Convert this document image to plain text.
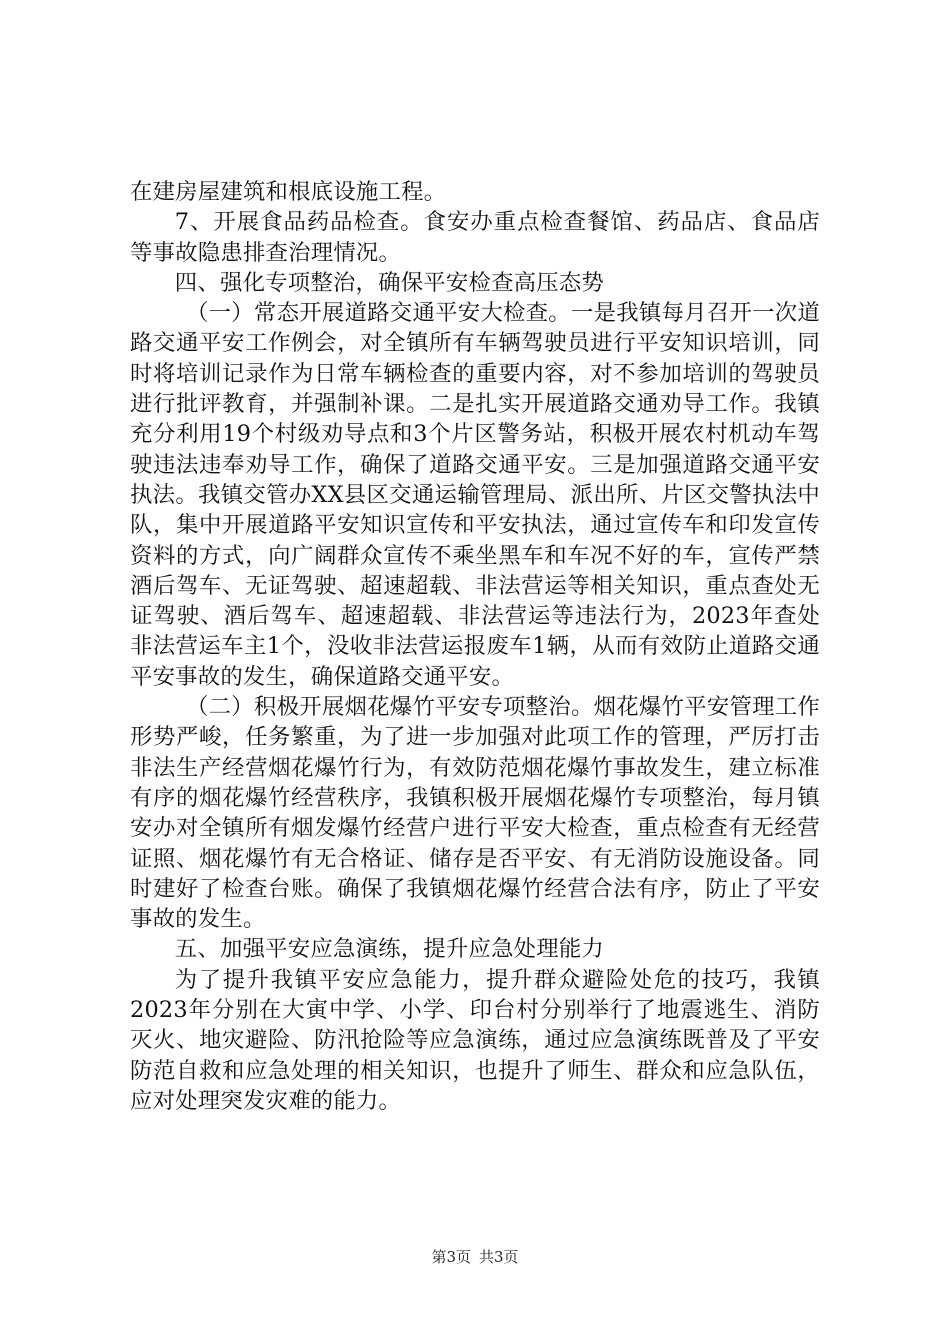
在建房屋建筑和根底设施工程。

7、开展食品药品检查。食安办重点检查餐馆、药品店、食品店等事故隐患排查治理情况。

四、强化专项整治，确保平安检查高压态势

（一）常态开展道路交通平安大检查。一是我镇每月召开一次道路交通平安工作例会，对全镇所有车辆驾驶员进行平安知识培训，同时将培训记录作为日常车辆检查的重要内容，对不参加培训的驾驶员进行批评教育，并强制补课。二是扎实开展道路交通劝导工作。我镇充分利用19个村级劝导点和3个片区警务站，积极开展农村机动车驾驶违法违奉劝导工作，确保了道路交通平安。三是加强道路交通平安执法。我镇交管办XX县区交通运输管理局、派出所、片区交警执法中队，集中开展道路平安知识宣传和平安执法，通过宣传车和印发宣传资料的方式，向广阔群众宣传不乘坐黑车和车况不好的车，宣传严禁酒后驾车、无证驾驶、超速超载、非法营运等相关知识，重点查处无证驾驶、酒后驾车、超速超载、非法营运等违法行为，2023年查处非法营运车主1个，没收非法营运报废车1辆，从而有效防止道路交通平安事故的发生，确保道路交通平安。

（二）积极开展烟花爆竹平安专项整治。烟花爆竹平安管理工作形势严峻，任务繁重，为了进一步加强对此项工作的管理，严厉打击非法生产经营烟花爆竹行为，有效防范烟花爆竹事故发生，建立标准有序的烟花爆竹经营秩序，我镇积极开展烟花爆竹专项整治，每月镇安办对全镇所有烟发爆竹经营户进行平安大检查，重点检查有无经营证照、烟花爆竹有无合格证、储存是否平安、有无消防设施设备。同时建好了检查台账。确保了我镇烟花爆竹经营合法有序，防止了平安事故的发生。

五、加强平安应急演练，提升应急处理能力

为了提升我镇平安应急能力，提升群众避险处危的技巧，我镇2023年分别在大寅中学、小学、印台村分别举行了地震逃生、消防灭火、地灾避险、防汛抢险等应急演练，通过应急演练既普及了平安防范自救和应急处理的相关知识，也提升了师生、群众和应急队伍，应对处理突发灾难的能力。

第3页 共3页
